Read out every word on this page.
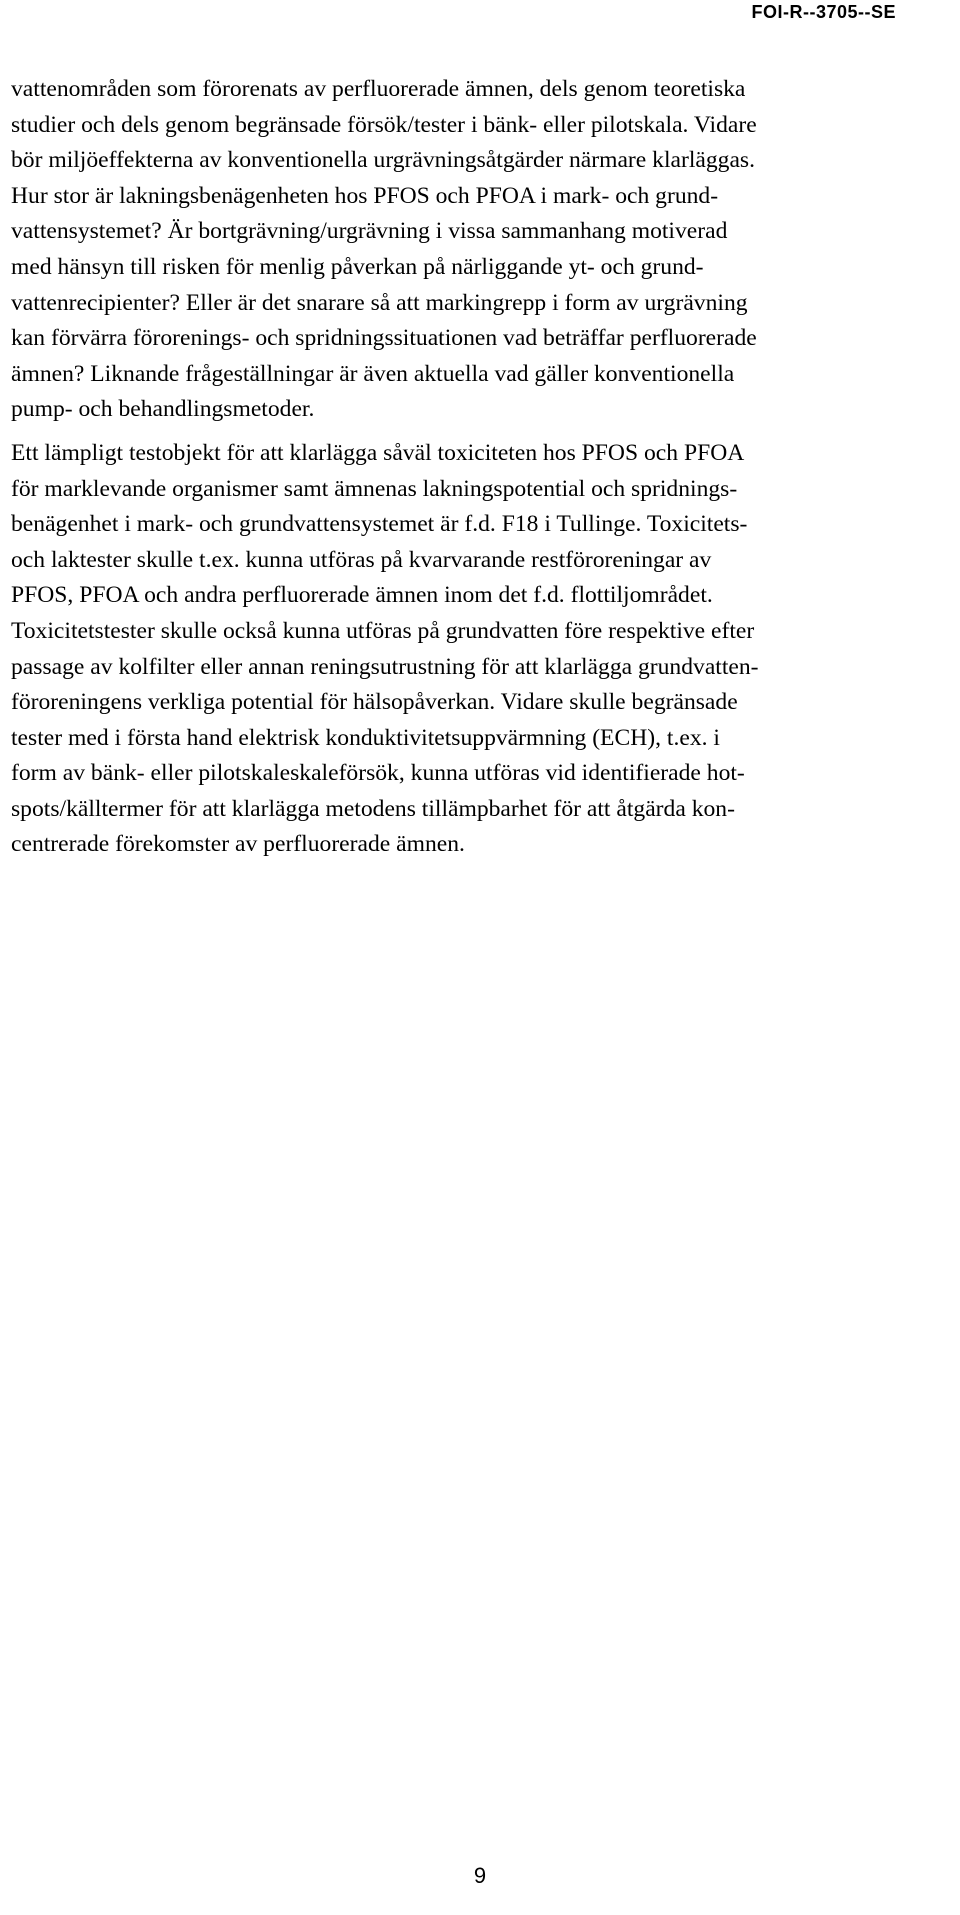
FOI-R--3705--SE
vattenområden som förorenats av perfluorerade ämnen, dels genom teoretiska
studier och dels genom begränsade försök/tester i bänk- eller pilotskala. Vidare
bör miljöeffekterna av konventionella urgrävningsåtgärder närmare klarläggas.
Hur stor är lakningsbenägenheten hos PFOS och PFOA i mark- och grund-
vattensystemet? Är bortgrävning/urgrävning i vissa sammanhang motiverad
med hänsyn till risken för menlig påverkan på närliggande yt- och grund-
vattenrecipienter? Eller är det snarare så att markingrepp i form av urgrävning
kan förvärra förorenings- och spridningssituationen vad beträffar perfluorerade
ämnen? Liknande frågeställningar är även aktuella vad gäller konventionella
pump- och behandlingsmetoder.
Ett lämpligt testobjekt för att klarlägga såväl toxiciteten hos PFOS och PFOA
för marklevande organismer samt ämnenas lakningspotential och spridnings-
benägenhet i mark- och grundvattensystemet är f.d. F18 i Tullinge. Toxicitets-
och laktester skulle t.ex. kunna utföras på kvarvarande restföroreningar av
PFOS, PFOA och andra perfluorerade ämnen inom det f.d. flottiljområdet.
Toxicitetstester skulle också kunna utföras på grundvatten före respektive efter
passage av kolfilter eller annan reningsutrustning för att klarlägga grundvatten-
föroreningens verkliga potential för hälsopåverkan. Vidare skulle begränsade
tester med i första hand elektrisk konduktivitetsuppvärmning (ECH), t.ex. i
form av bänk- eller pilotskaleskaleförsök, kunna utföras vid identifierade hot-
spots/källtermer för att klarlägga metodens tillämpbarhet för att åtgärda kon-
centrerade förekomster av perfluorerade ämnen.
9
